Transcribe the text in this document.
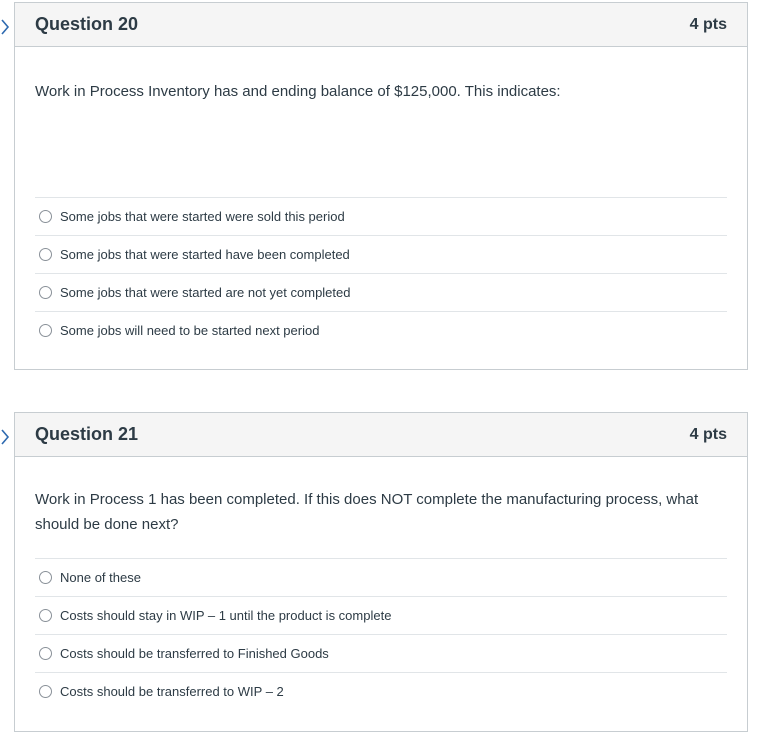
Question 20	4 pts

Work in Process Inventory has and ending balance of $125,000. This indicates:

Some jobs that were started were sold this period
Some jobs that were started have been completed
Some jobs that were started are not yet completed
Some jobs will need to be started next period
Question 21	4 pts

Work in Process 1 has been completed. If this does NOT complete the manufacturing process, what should be done next?

None of these
Costs should stay in WIP – 1 until the product is complete
Costs should be transferred to Finished Goods
Costs should be transferred to WIP – 2
